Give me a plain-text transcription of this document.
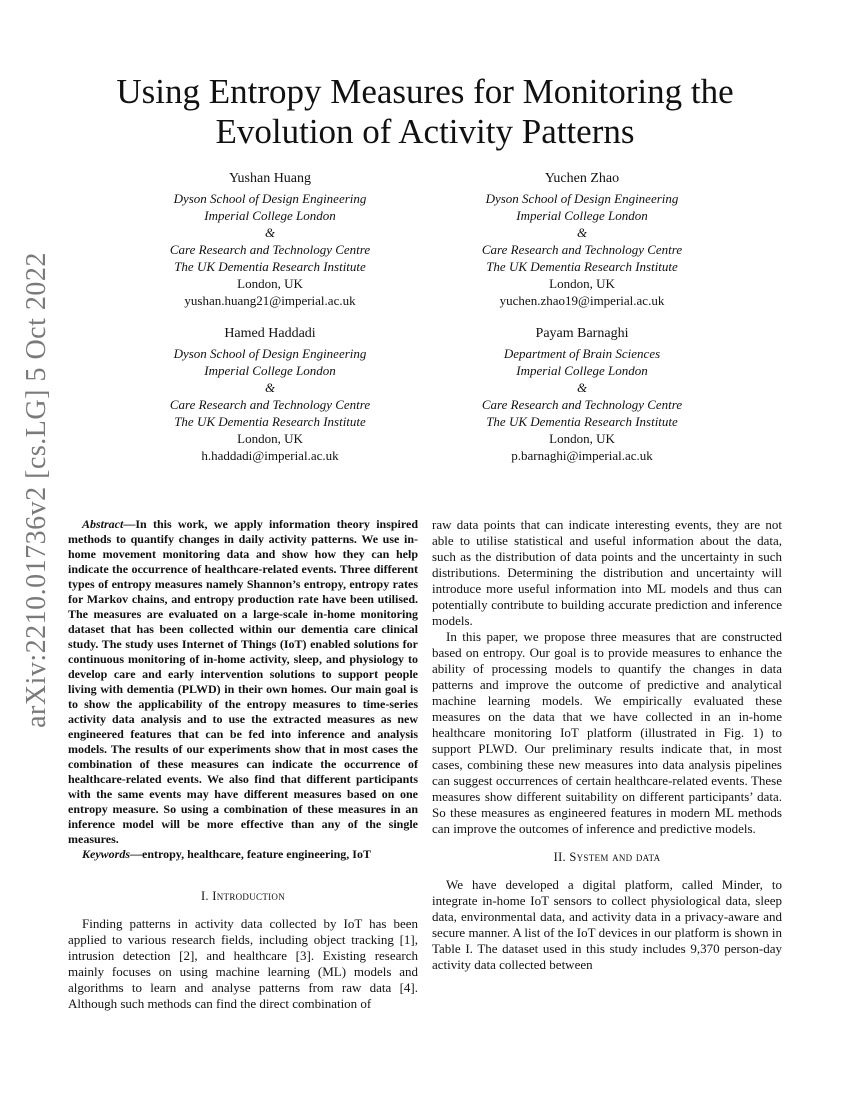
arXiv:2210.01736v2 [cs.LG] 5 Oct 2022
Using Entropy Measures for Monitoring the
Evolution of Activity Patterns
Yushan Huang
Dyson School of Design Engineering
Imperial College London
&
Care Research and Technology Centre
The UK Dementia Research Institute
London, UK
yushan.huang21@imperial.ac.uk
Yuchen Zhao
Dyson School of Design Engineering
Imperial College London
&
Care Research and Technology Centre
The UK Dementia Research Institute
London, UK
yuchen.zhao19@imperial.ac.uk
Hamed Haddadi
Dyson School of Design Engineering
Imperial College London
&
Care Research and Technology Centre
The UK Dementia Research Institute
London, UK
h.haddadi@imperial.ac.uk
Payam Barnaghi
Department of Brain Sciences
Imperial College London
&
Care Research and Technology Centre
The UK Dementia Research Institute
London, UK
p.barnaghi@imperial.ac.uk

Abstract—In this work, we apply information theory inspired methods to quantify changes in daily activity patterns. We use in-home movement monitoring data and show how they can help indicate the occurrence of healthcare-related events. Three different types of entropy measures namely Shannon’s entropy, entropy rates for Markov chains, and entropy production rate have been utilised. The measures are evaluated on a large-scale in-home monitoring dataset that has been collected within our dementia care clinical study. The study uses Internet of Things (IoT) enabled solutions for continuous monitoring of in-home activity, sleep, and physiology to develop care and early intervention solutions to support people living with dementia (PLWD) in their own homes. Our main goal is to show the applicability of the entropy measures to time-series activity data analysis and to use the extracted measures as new engineered features that can be fed into inference and analysis models. The results of our experiments show that in most cases the combination of these measures can indicate the occurrence of healthcare-related events. We also find that different participants with the same events may have different measures based on one entropy measure. So using a combination of these measures in an inference model will be more effective than any of the single measures.

Keywords—entropy, healthcare, feature engineering, IoT

I. Introduction

Finding patterns in activity data collected by IoT has been applied to various research fields, including object tracking [1], intrusion detection [2], and healthcare [3]. Existing research mainly focuses on using machine learning (ML) models and algorithms to learn and analyse patterns from raw data [4]. Although such methods can find the direct combination of

raw data points that can indicate interesting events, they are not able to utilise statistical and useful information about the data, such as the distribution of data points and the uncertainty in such distributions. Determining the distribution and uncertainty will introduce more useful information into ML models and thus can potentially contribute to building accurate prediction and inference models.

In this paper, we propose three measures that are constructed based on entropy. Our goal is to provide measures to enhance the ability of processing models to quantify the changes in data patterns and improve the outcome of predictive and analytical machine learning models. We empirically evaluated these measures on the data that we have collected in an in-home healthcare monitoring IoT platform (illustrated in Fig. 1) to support PLWD. Our preliminary results indicate that, in most cases, combining these new measures into data analysis pipelines can suggest occurrences of certain healthcare-related events. These measures show different suitability on different participants’ data. So these measures as engineered features in modern ML methods can improve the outcomes of inference and predictive models.

II. System and data

We have developed a digital platform, called Minder, to integrate in-home IoT sensors to collect physiological data, sleep data, environmental data, and activity data in a privacy-aware and secure manner. A list of the IoT devices in our platform is shown in Table I. The dataset used in this study includes 9,370 person-day activity data collected between
